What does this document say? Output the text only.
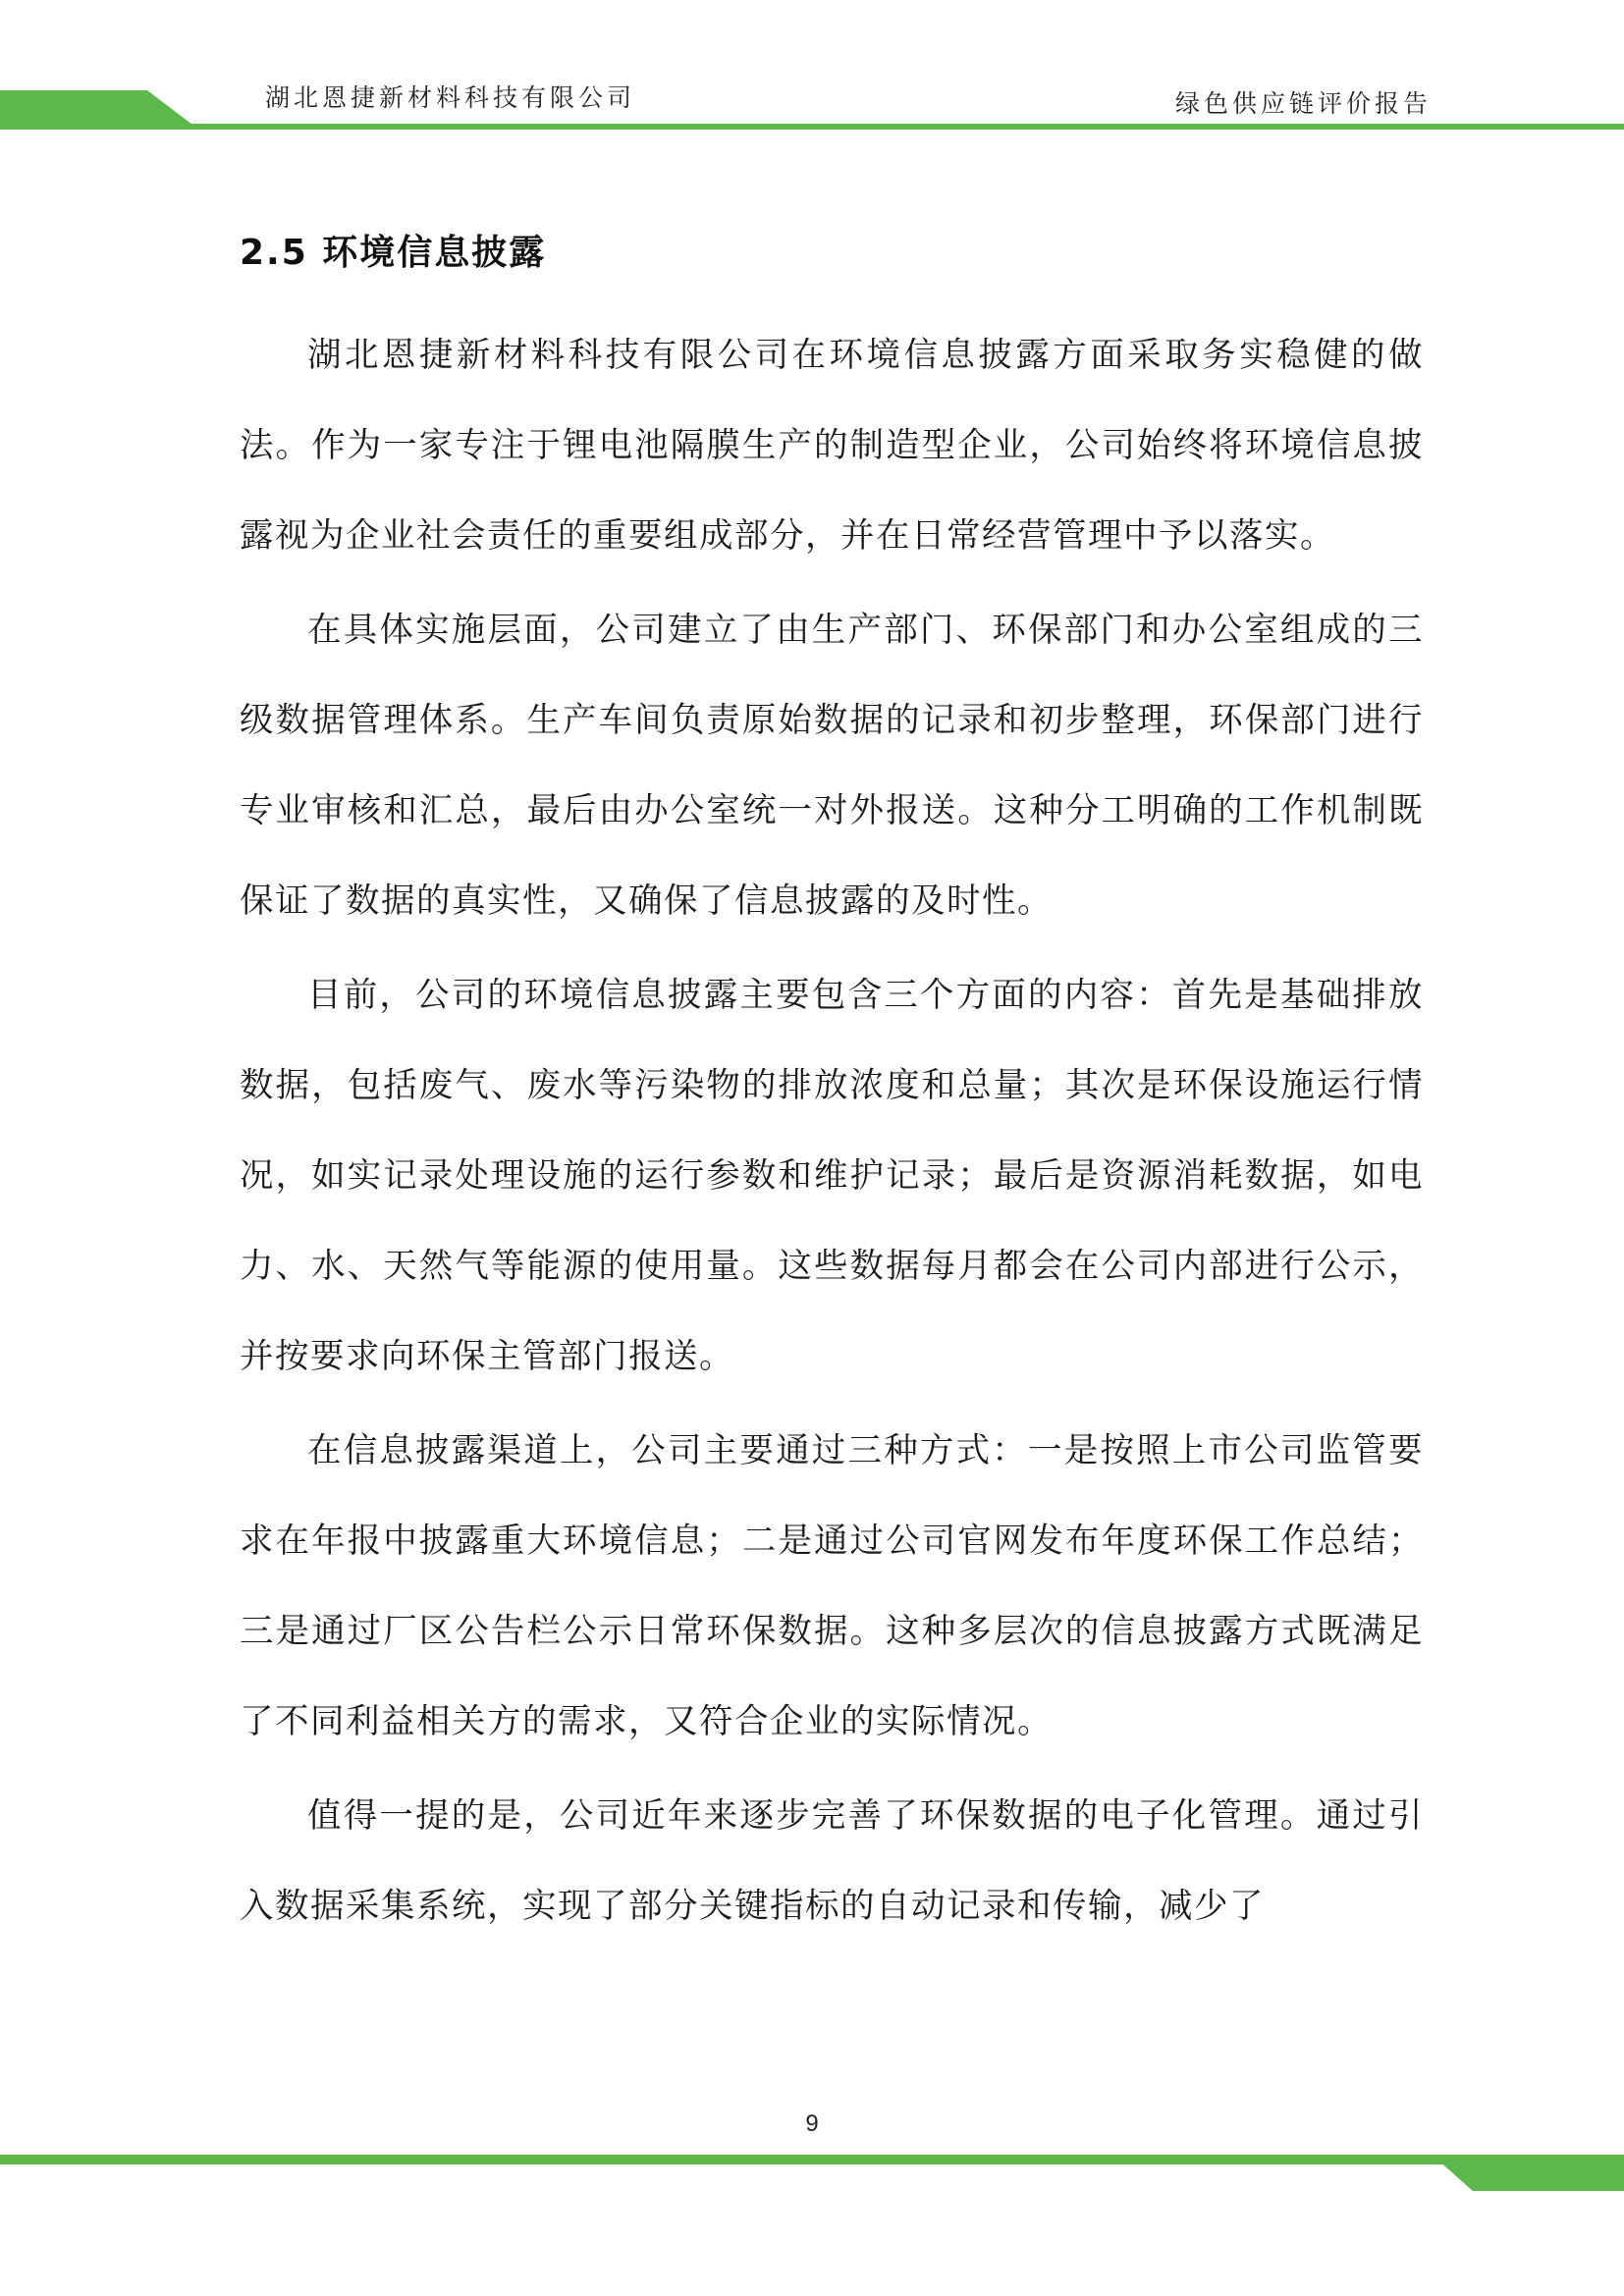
湖北恩捷新材料科技有限公司	绿色供应链评价报告
2.5 环境信息披露

湖北恩捷新材料科技有限公司在环境信息披露方面采取务实稳健的做法。作为一家专注于锂电池隔膜生产的制造型企业，公司始终将环境信息披露视为企业社会责任的重要组成部分，并在日常经营管理中予以落实。

在具体实施层面，公司建立了由生产部门、环保部门和办公室组成的三级数据管理体系。生产车间负责原始数据的记录和初步整理，环保部门进行专业审核和汇总，最后由办公室统一对外报送。这种分工明确的工作机制既保证了数据的真实性，又确保了信息披露的及时性。

目前，公司的环境信息披露主要包含三个方面的内容：首先是基础排放数据，包括废气、废水等污染物的排放浓度和总量；其次是环保设施运行情况，如实记录处理设施的运行参数和维护记录；最后是资源消耗数据，如电力、水、天然气等能源的使用量。这些数据每月都会在公司内部进行公示，并按要求向环保主管部门报送。

在信息披露渠道上，公司主要通过三种方式：一是按照上市公司监管要求在年报中披露重大环境信息；二是通过公司官网发布年度环保工作总结；三是通过厂区公告栏公示日常环保数据。这种多层次的信息披露方式既满足了不同利益相关方的需求，又符合企业的实际情况。

值得一提的是，公司近年来逐步完善了环保数据的电子化管理。通过引入数据采集系统，实现了部分关键指标的自动记录和传输，减少了

9
